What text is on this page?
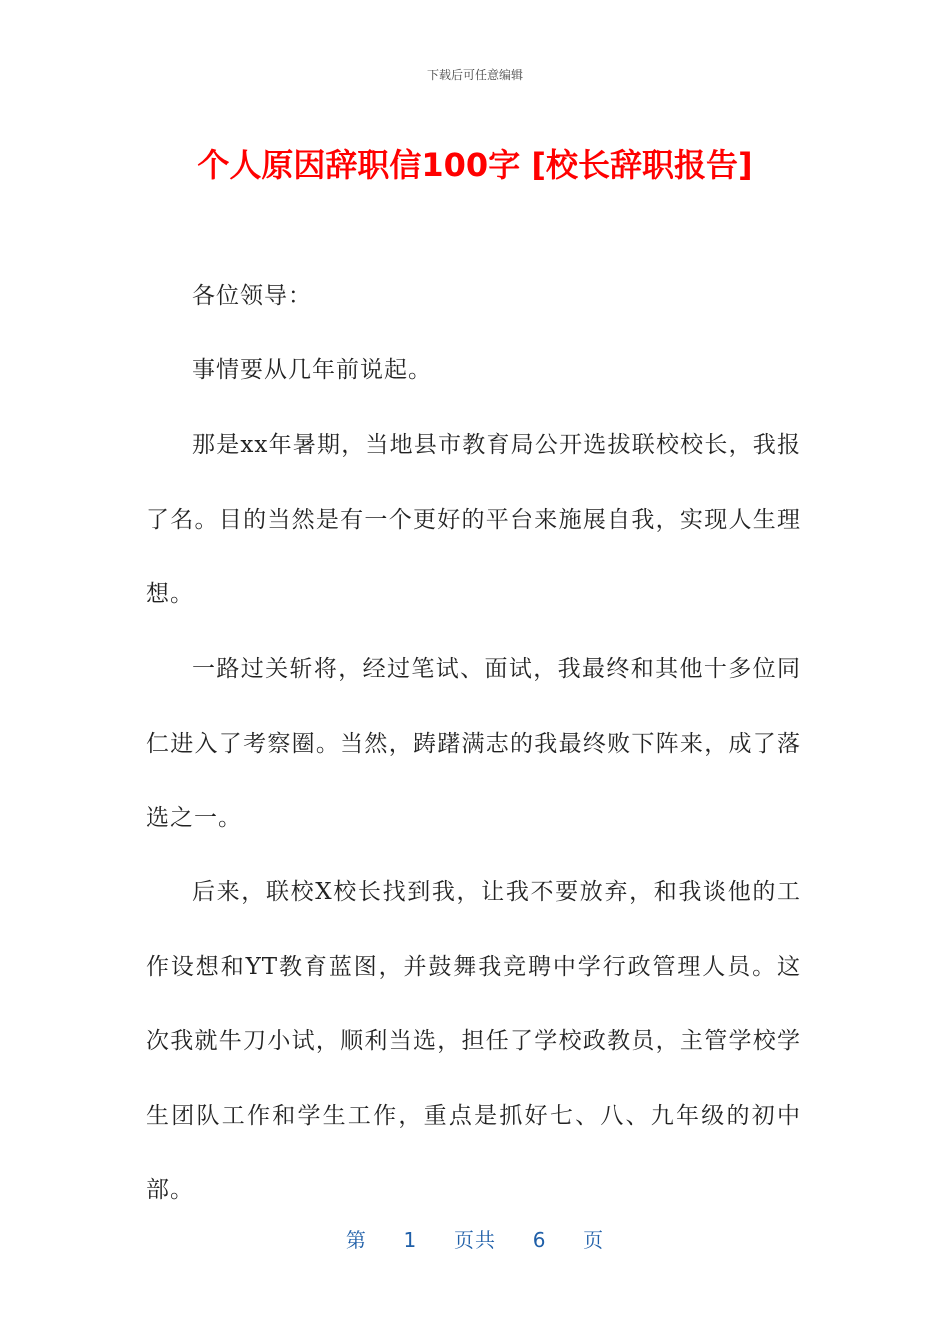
下载后可任意编辑
个人原因辞职信100字 [校长辞职报告]

各位领导：

事情要从几年前说起。

那是xx年暑期，当地县市教育局公开选拔联校校长，我报了名。目的当然是有一个更好的平台来施展自我，实现人生理想。

一路过关斩将，经过笔试、面试，我最终和其他十多位同仁进入了考察圈。当然，踌躇满志的我最终败下阵来，成了落选之一。

后来，联校X校长找到我，让我不要放弃，和我谈他的工作设想和YT教育蓝图，并鼓舞我竞聘中学行政管理人员。这次我就牛刀小试，顺利当选，担任了学校政教员，主管学校学生团队工作和学生工作，重点是抓好七、八、九年级的初中部。

第 1 页共 6 页
